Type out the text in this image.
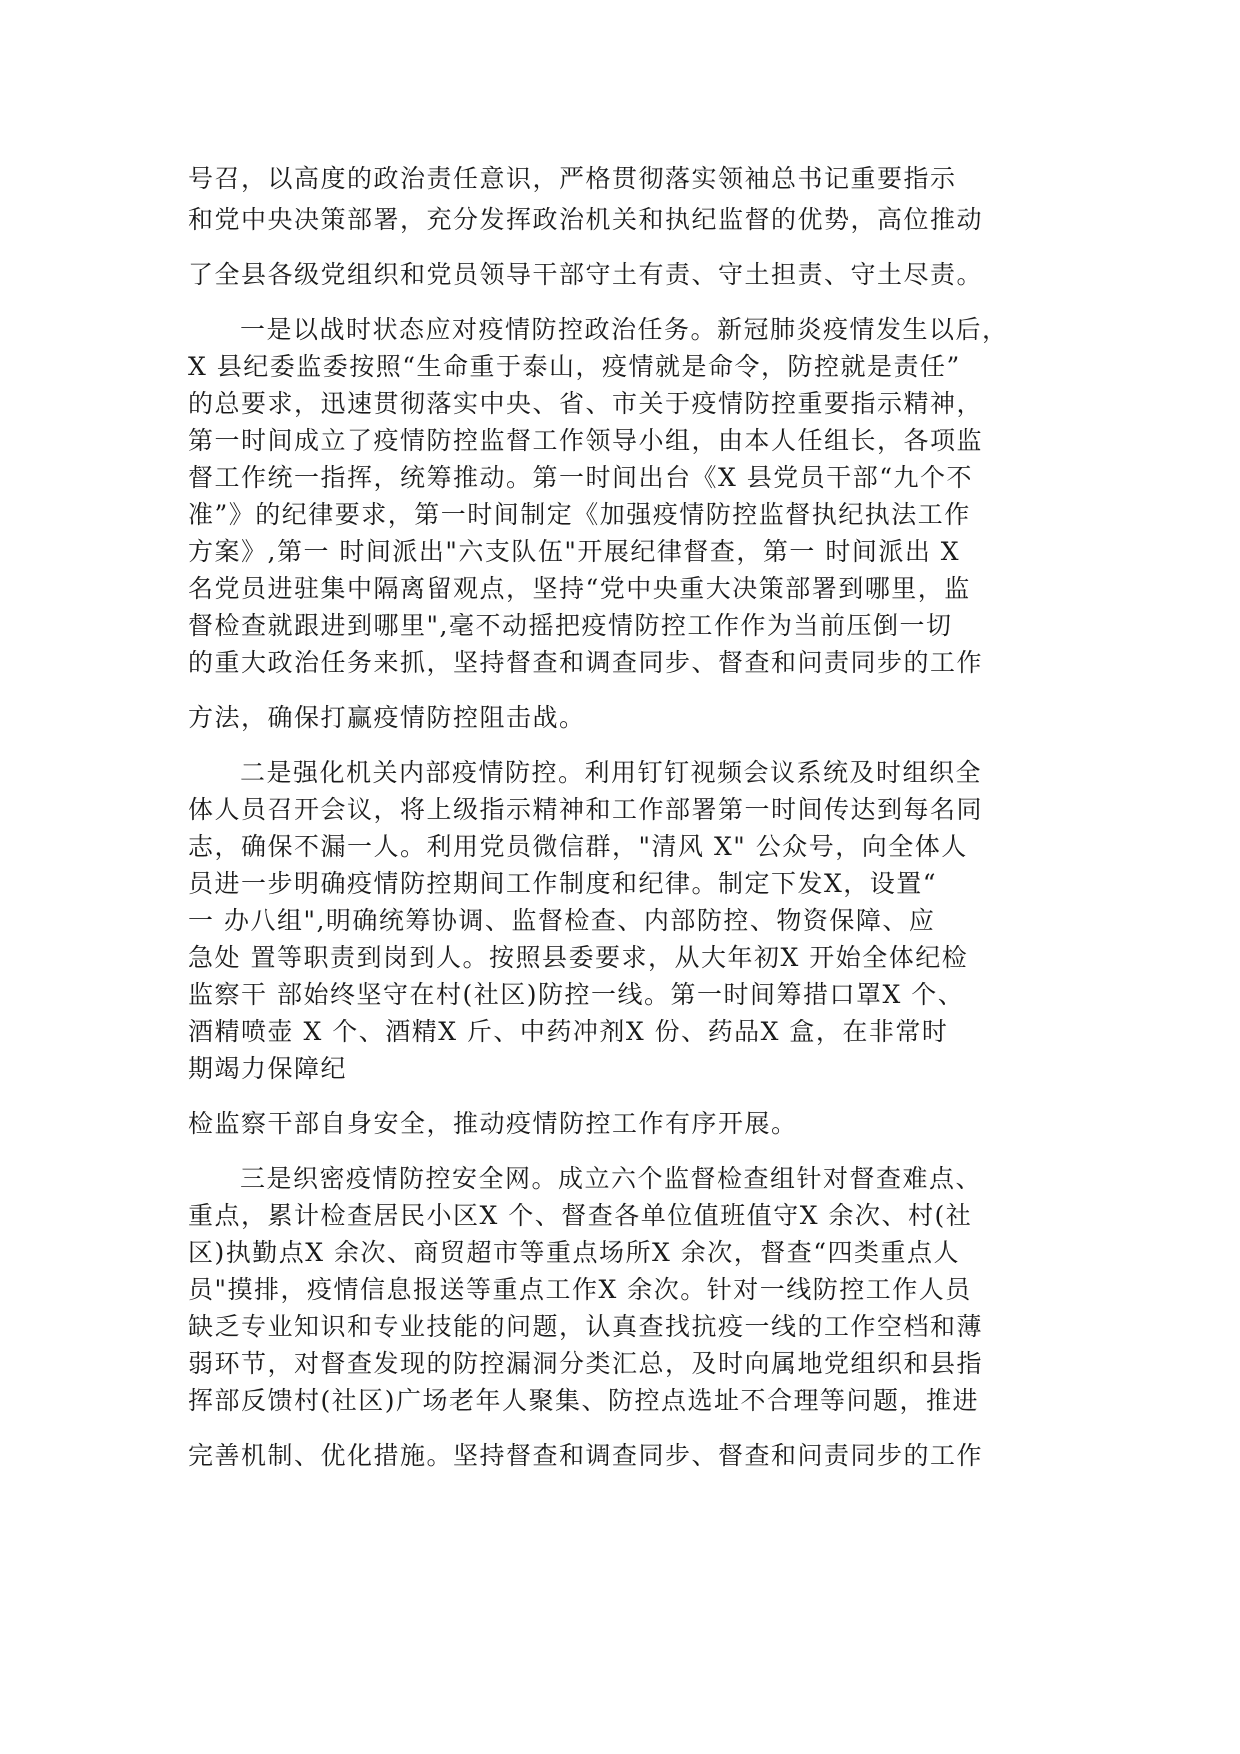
号召，以高度的政治责任意识，严格贯彻落实领袖总书记重要指示
和党中央决策部署，充分发挥政治机关和执纪监督的优势，高位推动
了全县各级党组织和党员领导干部守土有责、守土担责、守土尽责。
一是以战时状态应对疫情防控政治任务。新冠肺炎疫情发生以后，
X 县纪委监委按照“生命重于泰山，疫情就是命令，防控就是责任”
的总要求，迅速贯彻落实中央、省、市关于疫情防控重要指示精神，
第一时间成立了疫情防控监督工作领导小组，由本人任组长，各项监
督工作统一指挥，统筹推动。第一时间出台《X 县党员干部“九个不
准”》的纪律要求，第一时间制定《加强疫情防控监督执纪执法工作
方案》,第一 时间派出"六支队伍"开展纪律督查，第一 时间派出 X
名党员进驻集中隔离留观点，坚持“党中央重大决策部署到哪里，监
督检查就跟进到哪里",毫不动摇把疫情防控工作作为当前压倒一切
的重大政治任务来抓，坚持督查和调查同步、督查和问责同步的工作
方法，确保打赢疫情防控阻击战。
二是强化机关内部疫情防控。利用钉钉视频会议系统及时组织全
体人员召开会议，将上级指示精神和工作部署第一时间传达到每名同
志，确保不漏一人。利用党员微信群，"清风 X" 公众号，向全体人
员进一步明确疫情防控期间工作制度和纪律。制定下发X，设置“
一 办八组",明确统筹协调、监督检查、内部防控、物资保障、应
急处 置等职责到岗到人。按照县委要求，从大年初X 开始全体纪检
监察干 部始终坚守在村(社区)防控一线。第一时间筹措口罩X 个、
酒精喷壶 X 个、酒精X 斤、中药冲剂X 份、药品X 盒，在非常时
期竭力保障纪
检监察干部自身安全，推动疫情防控工作有序开展。
三是织密疫情防控安全网。成立六个监督检查组针对督查难点、
重点，累计检查居民小区X 个、督查各单位值班值守X 余次、村(社
区)执勤点X 余次、商贸超市等重点场所X 余次，督查“四类重点人
员"摸排，疫情信息报送等重点工作X 余次。针对一线防控工作人员
缺乏专业知识和专业技能的问题，认真查找抗疫一线的工作空档和薄
弱环节，对督查发现的防控漏洞分类汇总，及时向属地党组织和县指
挥部反馈村(社区)广场老年人聚集、防控点选址不合理等问题，推进
完善机制、优化措施。坚持督查和调查同步、督查和问责同步的工作
